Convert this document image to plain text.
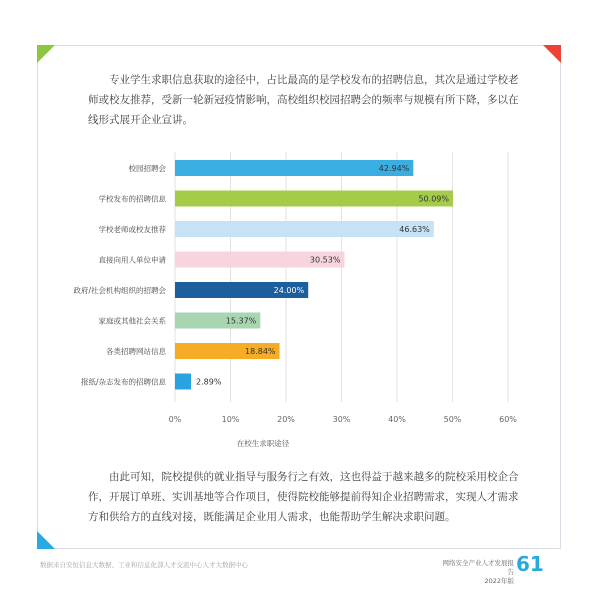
专业学生求职信息获取的途径中，占比最高的是学校发布的招聘信息，其次是通过学校老师或校友推荐，受新一轮新冠疫情影响，高校组织校园招聘会的频率与规模有所下降，多以在线形式展开企业宣讲。

0%	10%	20%	30%	40%	50%	60%
校园招聘会	42.94%
学校发布的招聘信息	50.09%
学校老师或校友推荐	46.63%
直接向用人单位申请	30.53%
政府/社会机构组织的招聘会	24.00%
家庭或其他社会关系	15.37%
各类招聘网站信息	18.84%
报纸/杂志发布的招聘信息	2.89%
在校生求职途径

由此可知，院校提供的就业指导与服务行之有效，这也得益于越来越多的院校采用校企合作，开展订单班、实训基地等合作项目，使得院校能够提前得知企业招聘需求，实现人才需求方和供给方的直线对接，既能满足企业用人需求，也能帮助学生解决求职问题。

数据来自安恒信息大数据、工业和信息化部人才交流中心人才大数据中心	网络安全产业人才发展报告
2022年版
61
